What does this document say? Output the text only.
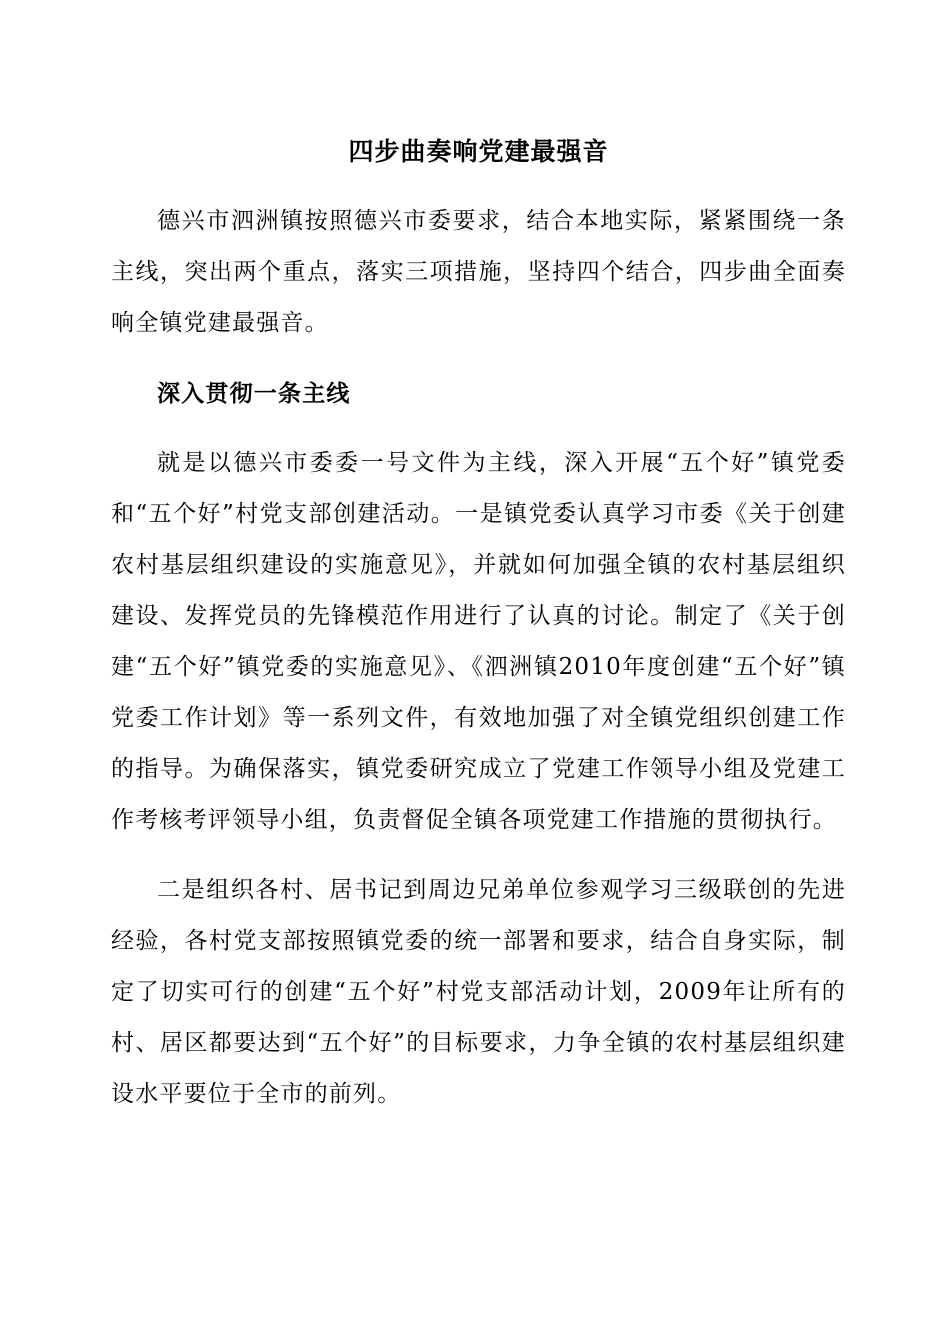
四步曲奏响党建最强音

德兴市泗洲镇按照德兴市委要求，结合本地实际，紧紧围绕一条主线，突出两个重点，落实三项措施，坚持四个结合，四步曲全面奏响全镇党建最强音。

深入贯彻一条主线

就是以德兴市委委一号文件为主线，深入开展“五个好”镇党委和“五个好”村党支部创建活动。一是镇党委认真学习市委《关于创建农村基层组织建设的实施意见》，并就如何加强全镇的农村基层组织建设、发挥党员的先锋模范作用进行了认真的讨论。制定了《关于创建“五个好”镇党委的实施意见》、《泗洲镇2010年度创建“五个好”镇党委工作计划》等一系列文件，有效地加强了对全镇党组织创建工作的指导。为确保落实，镇党委研究成立了党建工作领导小组及党建工作考核考评领导小组，负责督促全镇各项党建工作措施的贯彻执行。

二是组织各村、居书记到周边兄弟单位参观学习三级联创的先进经验，各村党支部按照镇党委的统一部署和要求，结合自身实际，制定了切实可行的创建“五个好”村党支部活动计划，2009年让所有的村、居区都要达到“五个好”的目标要求，力争全镇的农村基层组织建设水平要位于全市的前列。
